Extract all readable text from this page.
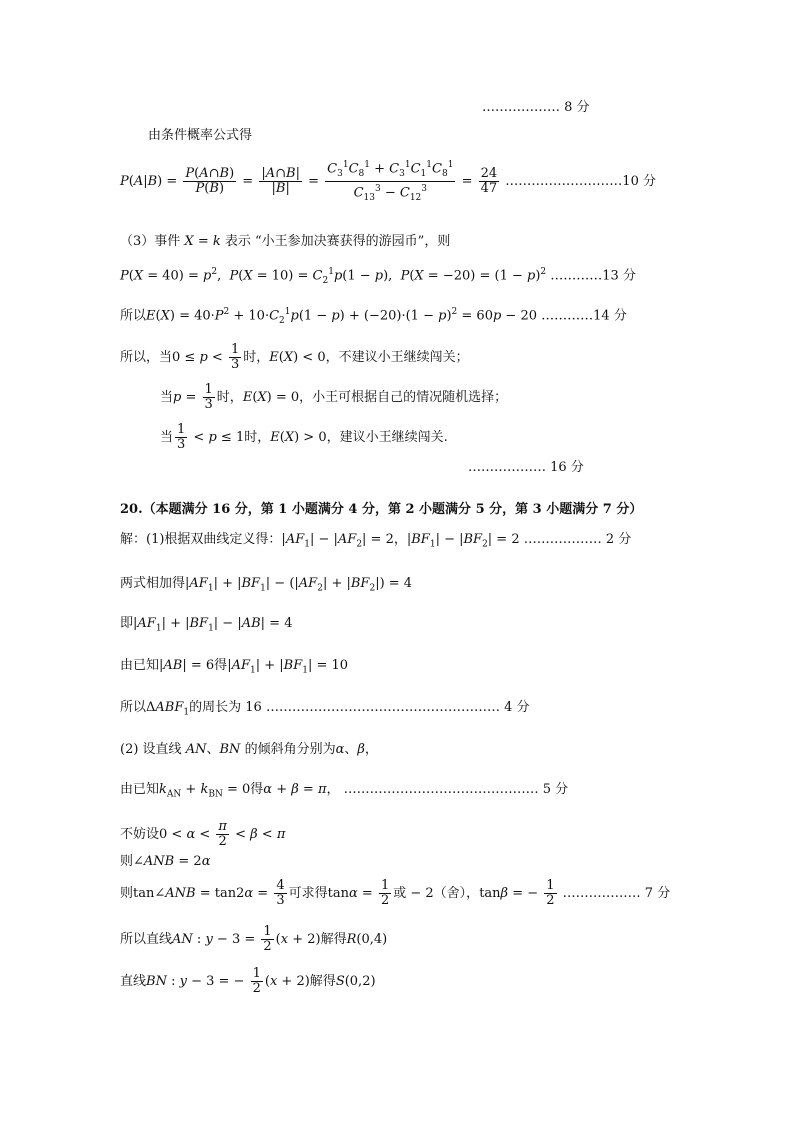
……………… 8 分
由条件概率公式得
$P(A|B) = \frac{P(A\cap B)}{P(B)} = \frac{|A\cap B|}{|B|} = \frac{C_3^1C_8^1 + C_3^1C_1^1C_8^1}{C_{13}^3 - C_{12}^3} = \frac{24}{47}$ ………………………10 分
（3）事件 X = k 表示 “小王参加决赛获得的游园币”，则
$P(X = 40) = p^2$,  $P(X = 10) = C_2^1p(1 - p)$,  $P(X = -20) = (1 - p)^2$ …………13 分
所以$E(X) = 40\cdot P^2 + 10\cdot C_2^1p(1 - p) + (-20)\cdot(1 - p)^2 = 60p - 20$ …………14 分
所以，当$0 \le p < \frac{1}{3}$ 时，E(X) < 0，不建议小王继续闯关；
当$p = \frac{1}{3}$ 时，E(X) = 0，小王可根据自己的情况随机选择；
当 $\frac{1}{3} < p \le 1$时，E(X) > 0，建议小王继续闯关.
……………… 16 分
20.（本题满分 16 分，第 1 小题满分 4 分，第 2 小题满分 5 分，第 3 小题满分 7 分）
解：(1)根据双曲线定义得：$|AF_1| - |AF_2| = 2$，$|BF_1| - |BF_2| = 2$ ……………… 2 分
两式相加得$|AF_1| + |BF_1| - (|AF_2| + |BF_2|) = 4$
即$|AF_1| + |BF_1| - |AB| = 4$
由已知|AB| = 6得$|AF_1| + |BF_1| = 10$
所以$\Delta ABF_1$的周长为 16 ……………………………………………… 4 分
(2) 设直线 AN、BN 的倾斜角分别为α、β，
由已知$k_{AN} + k_{BN} = 0$得α + β = π， ……………………………………… 5 分
不妨设$0 < \alpha < \frac{\pi}{2} < \beta < \pi$
则∠ANB = 2α
则tan∠ANB = $\tan 2\alpha = \frac{4}{3}$ 可求得$\tan\alpha = \frac{1}{2}$ 或 − 2（舍），tanβ = − $\frac{1}{2}$ ……………… 7 分
所以直线AN : $y - 3 = \frac{1}{2} (x + 2)$解得R(0,4)
直线BN : y − 3 = − $\frac{1}{2} (x + 2)$解得S(0,2)
